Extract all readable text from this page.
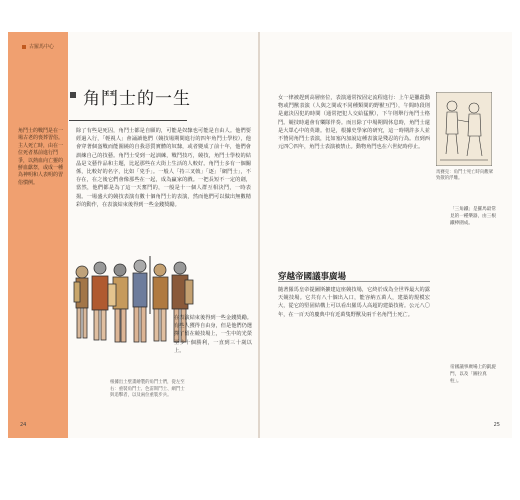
古羅馬中心
角鬥士的一生
角鬥士的戰鬥是在一場古老的喪葬習俗。主人死亡時，由在一位死者墓前進行鬥爭，以熱血向亡靈的鮮血獻祭，或成一種為神明和人表明的習俗慣例。
除了有些是死囚，角鬥士都是自願的，可能是奴隸也可能是自由人。他們要經過入行，「輕視人」會誦讀他們（競技場期間進行的四年角鬥士學校），他會穿著個盔戰而能圍繞的自我惡質實體的奴隸，或者變成了前十年，他們會訓練自己的技藝。角鬥士受到一起訓練，戰鬥技巧，競技，角鬥士學校的結晶是文藝作品和主題，比起那些在大街上生活的人較好。角鬥士多有一個關係，比較好的名字，比如「兇手」。一般人「持三叉戟」「逐」「網鬥士」，不存在，在之後它們會像那些在一起，成為贏家的戲。一把長短不一定的劍，當然，他們都是為了這一天奮鬥的，一般是十一個人群互相決鬥，一時表揚。一場盛大的競技表演有數十個角鬥士的表演，然而他們可以做出無數精彩的動作，在表演結束後得到一些金錢獎勵。
在表演結束後得到一些金錢獎勵。有些人獲得自由身，但是他們仍選擇了留在競技場上，一生中的光榮至少十個勝利，一直到三十歲以上。
根據出土壁畫繪製的角鬥士們，從左至右：重裝角鬥士、色雷斯鬥士、網鬥士與追擊者，以及兩位重裝步兵。
24
女一律被趕到高層座位，表演通常按固定流程進行：上午是獵殺動物或鬥獸表演（人與之間或不同種類間的野獸互鬥），午間時段則是處決囚犯的時間（通常把犯人交給猛獸），下午則舉行角鬥士格鬥。競技時還會有樂隊伴奏。而且除了中場期間休息時，角鬥士還是大眾心中的英雄。但是，根據史學家的研究，這一時期許多人並不贊同角鬥士表演，比如塞內加說這種表演是殘忍的行為。直到西元四〇四年，角鬥士表演被禁止。動物角鬥也在六世紀時停止。
馬賽克：角鬥士死亡時向觀眾致敬的浮雕。
「三角鐵」是羅馬最常見的一種樂器，由三根鐵棒圍成。
穿越帝國議事廣場
隨著羅馬皇帝提圖斯擴建這座競技場，它終於成為全世界最大的露天競技場。它共有八十個出入口，能容納五萬人，建築的規模宏大，從它的堅固結構上可以看出羅馬人高超的建築技術。公元八〇年，在一百天的慶典中有近萬隻野獸及兩千名角鬥士死亡。
帝國議事廣場上的凱旋門，以及「圖拉真柱」。
25
